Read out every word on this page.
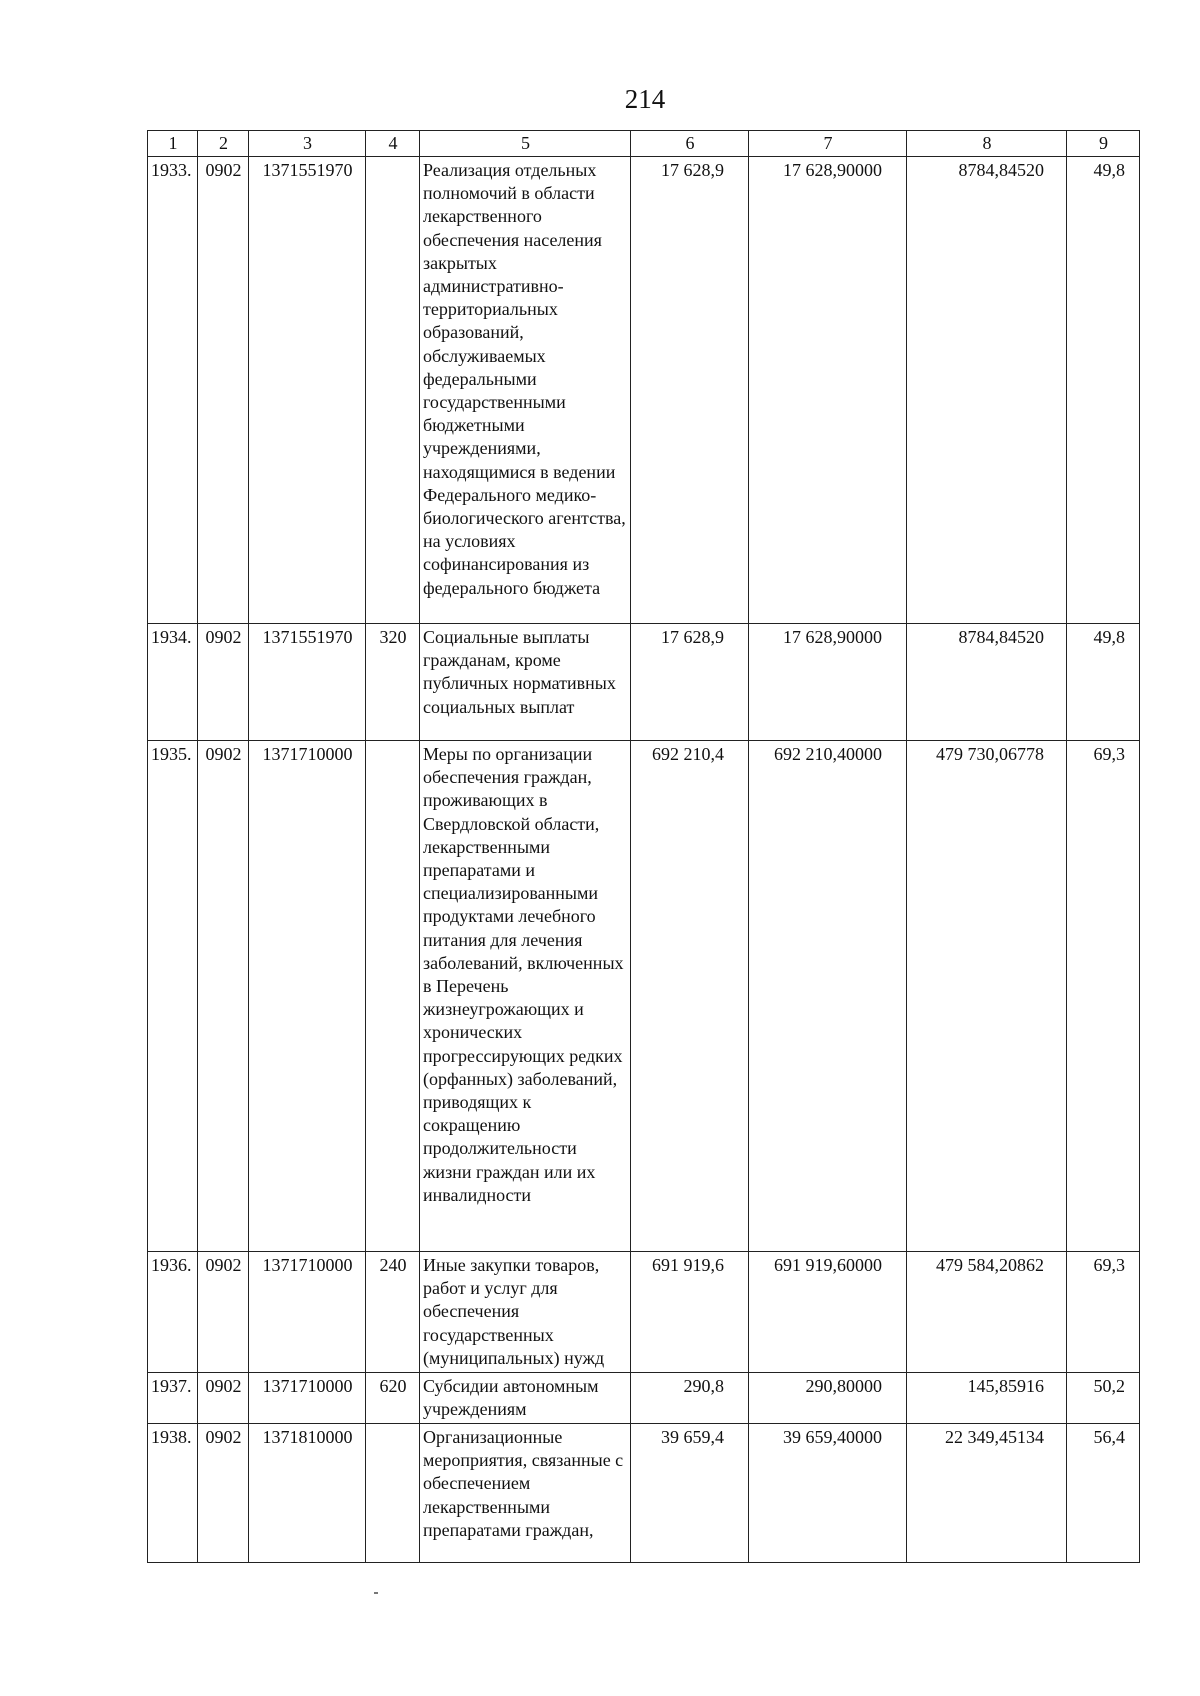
214
1	2	3	4	5	6	7	8	9
1933.	0902	1371551970		Реализация отдельных полномочий в области лекарственного обеспечения населения закрытых административно-территориальных образований, обслуживаемых федеральными государственными бюджетными учреждениями, находящимися в ведении Федерального медико-биологического агентства, на условиях софинансирования из федерального бюджета	17 628,9	17 628,90000	8784,84520	49,8
1934.	0902	1371551970	320	Социальные выплаты гражданам, кроме публичных нормативных социальных выплат	17 628,9	17 628,90000	8784,84520	49,8
1935.	0902	1371710000		Меры по организации обеспечения граждан, проживающих в Свердловской области, лекарственными препаратами и специализированными продуктами лечебного питания для лечения заболеваний, включенных в Перечень жизнеугрожающих и хронических прогрессирующих редких (орфанных) заболеваний, приводящих к сокращению продолжительности жизни граждан или их инвалидности	692 210,4	692 210,40000	479 730,06778	69,3
1936.	0902	1371710000	240	Иные закупки товаров, работ и услуг для обеспечения государственных (муниципальных) нужд	691 919,6	691 919,60000	479 584,20862	69,3
1937.	0902	1371710000	620	Субсидии автономным учреждениям	290,8	290,80000	145,85916	50,2
1938.	0902	1371810000		Организационные мероприятия, связанные с обеспечением лекарственными препаратами граждан,	39 659,4	39 659,40000	22 349,45134	56,4
